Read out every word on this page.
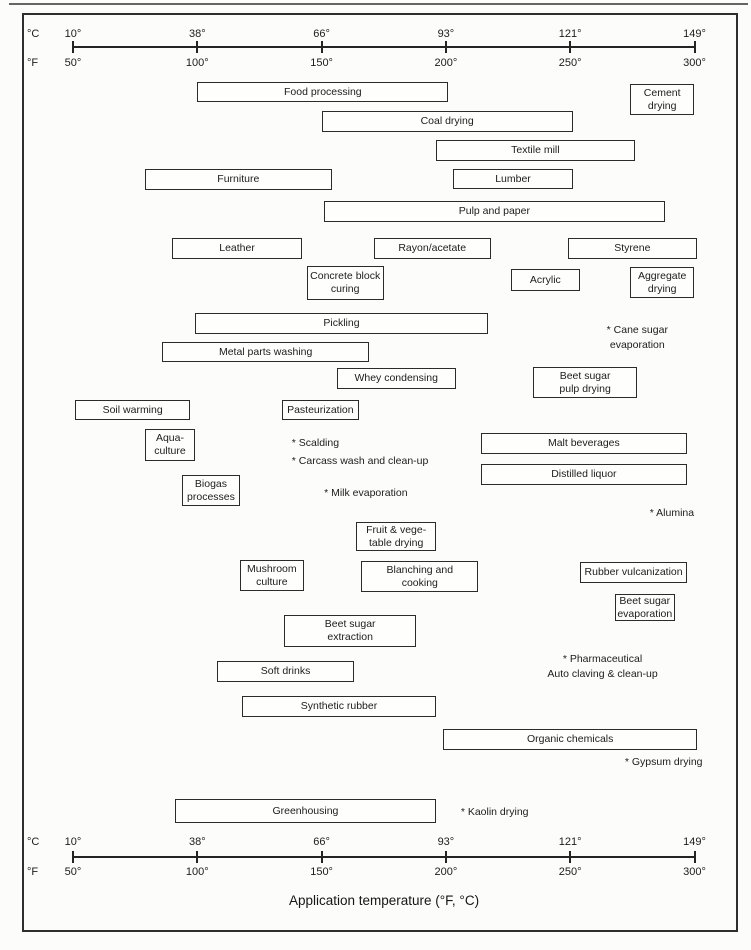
°C
°F
10°
50°
38°
100°
66°
150°
93°
200°
121°
250°
149°
300°
Food processing	Cement
drying
Coal drying
Textile mill
Furniture	Lumber
Pulp and paper
Leather	Rayon/acetate	Styrene
Concrete block
curing
Acrylic	Aggregate
drying
Pickling
Metal parts washing
Whey condensing	Beet sugar
pulp drying
Soil warming	Pasteurization
Aqua-
culture
Malt beverages
Distilled liquor
Biogas
processes
Fruit & vege-
table drying
Mushroom
culture
Blanching and
cooking
Rubber vulcanization
Beet sugar
evaporation
Beet sugar
extraction
Soft drinks
Synthetic rubber
Organic chemicals
Greenhousing
* Cane sugar
evaporation
* Scalding
* Carcass wash and clean-up
* Milk evaporation
* Alumina
* Pharmaceutical
Auto claving & clean-up
* Gypsum drying
* Kaolin drying
°C
°F
10°
50°
38°
100°
66°
150°
93°
200°
121°
250°
149°
300°
Application temperature (°F, °C)
